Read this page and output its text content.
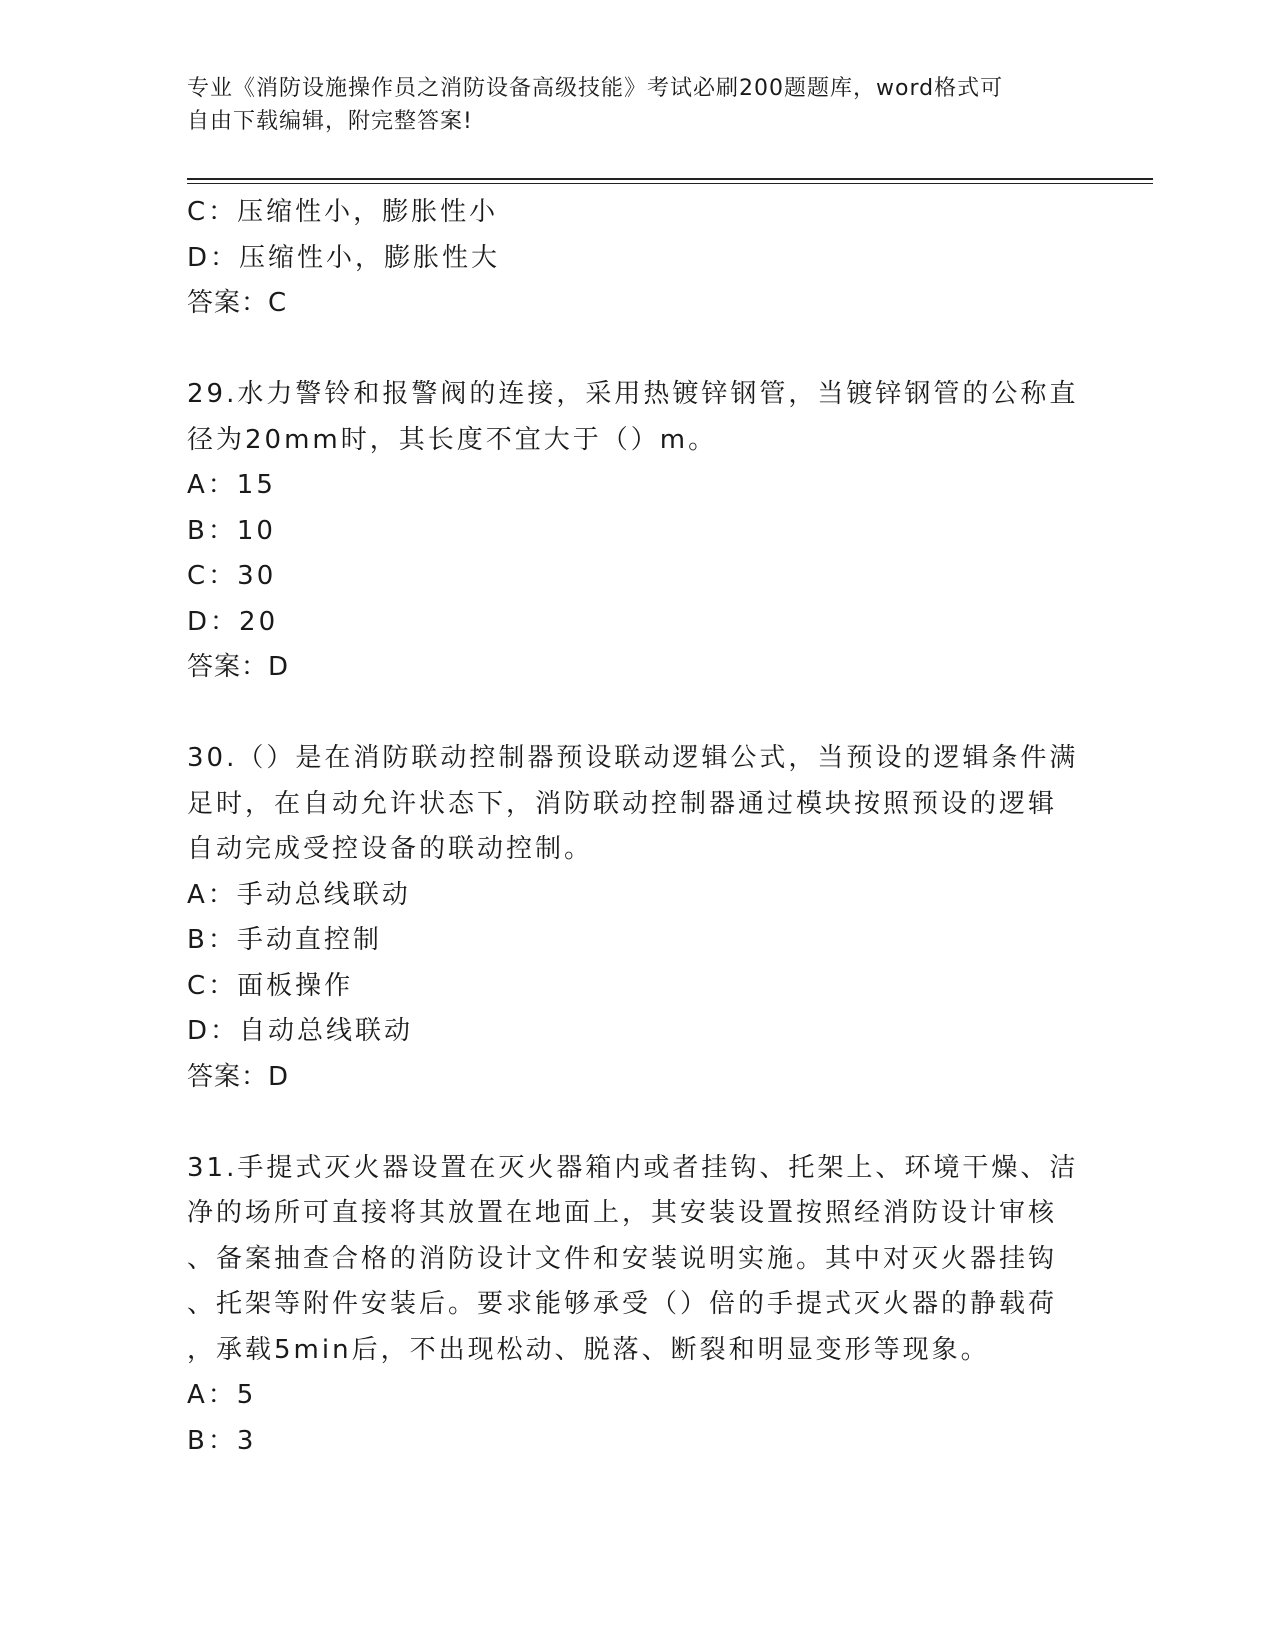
专业《消防设施操作员之消防设备高级技能》考试必刷200题题库，word格式可
自由下载编辑，附完整答案!
C：压缩性小，膨胀性小
D：压缩性小，膨胀性大
答案：C
29.水力警铃和报警阀的连接，采用热镀锌钢管，当镀锌钢管的公称直
径为20mm时，其长度不宜大于（）m。
A：15
B：10
C：30
D：20
答案：D
30.（）是在消防联动控制器预设联动逻辑公式，当预设的逻辑条件满
足时，在自动允许状态下，消防联动控制器通过模块按照预设的逻辑
自动完成受控设备的联动控制。
A：手动总线联动
B：手动直控制
C：面板操作
D：自动总线联动
答案：D
31.手提式灭火器设置在灭火器箱内或者挂钩、托架上、环境干燥、洁
净的场所可直接将其放置在地面上，其安装设置按照经消防设计审核
、备案抽查合格的消防设计文件和安装说明实施。其中对灭火器挂钩
、托架等附件安装后。要求能够承受（）倍的手提式灭火器的静载荷
，承载5min后，不出现松动、脱落、断裂和明显变形等现象。
A：5
B：3
